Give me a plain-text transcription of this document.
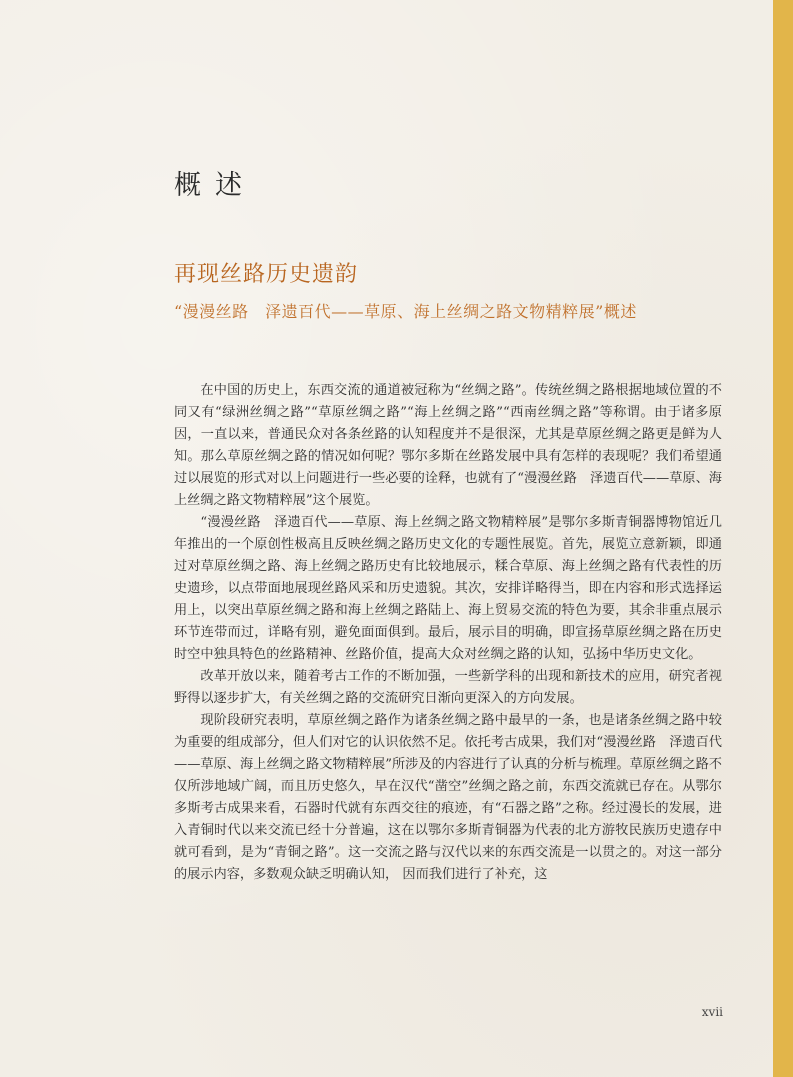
概述
再现丝路历史遗韵
“漫漫丝路　泽遗百代——草原、海上丝绸之路文物精粹展”概述

在中国的历史上，东西交流的通道被冠称为“丝绸之路”。传统丝绸之路根据地域位置的不同又有“绿洲丝绸之路”“草原丝绸之路”“海上丝绸之路”“西南丝绸之路”等称谓。由于诸多原因，一直以来，普通民众对各条丝路的认知程度并不是很深，尤其是草原丝绸之路更是鲜为人知。那么草原丝绸之路的情况如何呢？鄂尔多斯在丝路发展中具有怎样的表现呢？我们希望通过以展览的形式对以上问题进行一些必要的诠释，也就有了“漫漫丝路　泽遗百代——草原、海上丝绸之路文物精粹展”这个展览。

“漫漫丝路　泽遗百代——草原、海上丝绸之路文物精粹展”是鄂尔多斯青铜器博物馆近几年推出的一个原创性极高且反映丝绸之路历史文化的专题性展览。首先，展览立意新颖，即通过对草原丝绸之路、海上丝绸之路历史有比较地展示，糅合草原、海上丝绸之路有代表性的历史遗珍，以点带面地展现丝路风采和历史遗貌。其次，安排详略得当，即在内容和形式选择运用上，以突出草原丝绸之路和海上丝绸之路陆上、海上贸易交流的特色为要，其余非重点展示环节连带而过，详略有别，避免面面俱到。最后，展示目的明确，即宣扬草原丝绸之路在历史时空中独具特色的丝路精神、丝路价值，提高大众对丝绸之路的认知，弘扬中华历史文化。

改革开放以来，随着考古工作的不断加强，一些新学科的出现和新技术的应用，研究者视野得以逐步扩大，有关丝绸之路的交流研究日渐向更深入的方向发展。

现阶段研究表明，草原丝绸之路作为诸条丝绸之路中最早的一条，也是诸条丝绸之路中较为重要的组成部分，但人们对它的认识依然不足。依托考古成果，我们对“漫漫丝路　泽遗百代——草原、海上丝绸之路文物精粹展”所涉及的内容进行了认真的分析与梳理。草原丝绸之路不仅所涉地域广阔，而且历史悠久，早在汉代“凿空”丝绸之路之前，东西交流就已存在。从鄂尔多斯考古成果来看，石器时代就有东西交往的痕迹，有“石器之路”之称。经过漫长的发展，进入青铜时代以来交流已经十分普遍，这在以鄂尔多斯青铜器为代表的北方游牧民族历史遗存中就可看到，是为“青铜之路”。这一交流之路与汉代以来的东西交流是一以贯之的。对这一部分的展示内容，多数观众缺乏明确认知， 因而我们进行了补充，这

xvii
